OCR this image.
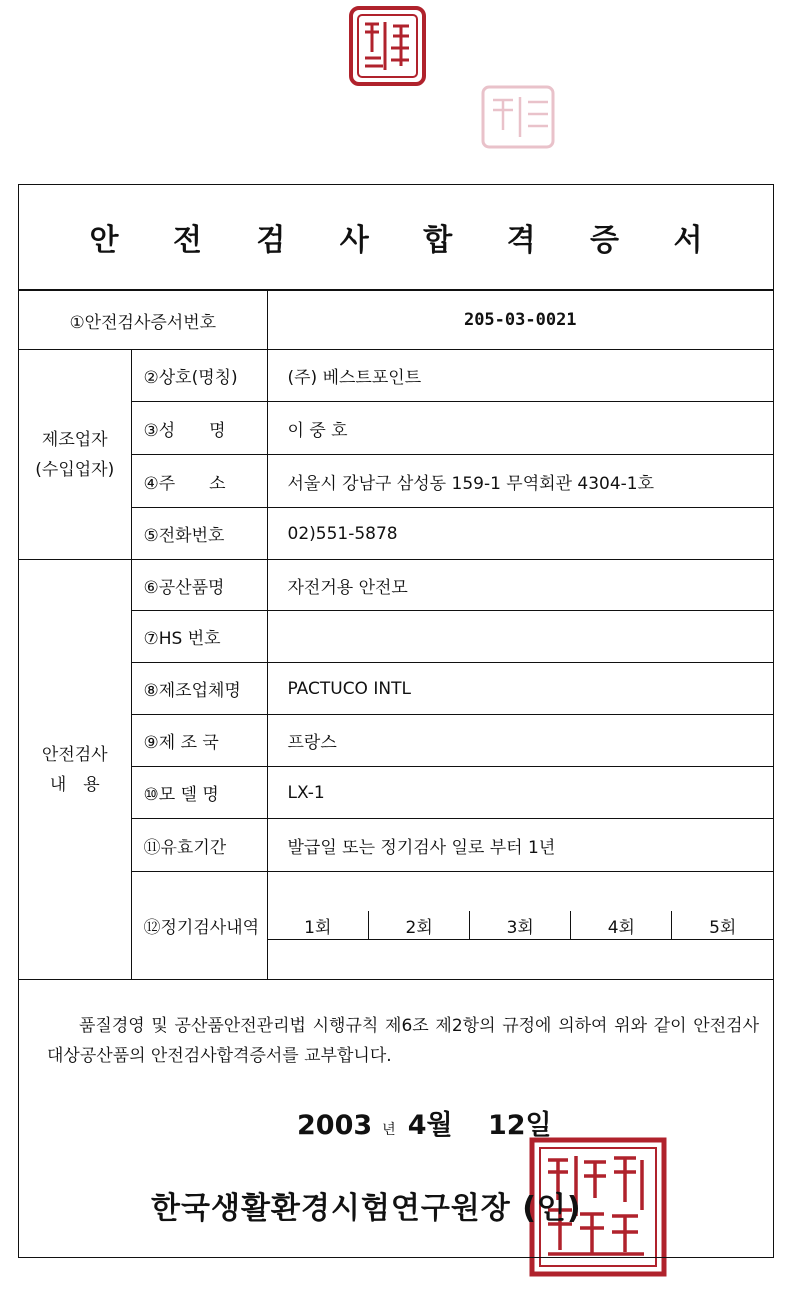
안 전 검 사 합 격 증 서
①안전검사증서번호	205-03-0021

제조업자
(수입업자)
	②상호(명칭)	(주) 베스트포인트
③성　　명	이 중 호
④주　　소	서울시 강남구 삼성동 159-1 무역회관 4304-1호
⑤전화번호	02)551-5878

안전검사
내　용
	⑥공산품명	자전거용 안전모
⑦HS 번호	
⑧제조업체명	PACTUCO INTL
⑨제 조 국	프랑스
⑩모 델 명	LX-1
⑪유효기간	발급일 또는 정기검사 일로 부터 1년
⑫정기검사내역		1회	2회	3회	4회	5회

품질경영 및 공산품안전관리법 시행규칙 제6조 제2항의 규정에 의하여 위와 같이 안전검사대상공산품의 안전검사합격증서를 교부합니다.
2003 년 4월 12일
한국생활환경시험연구원장 (인)
